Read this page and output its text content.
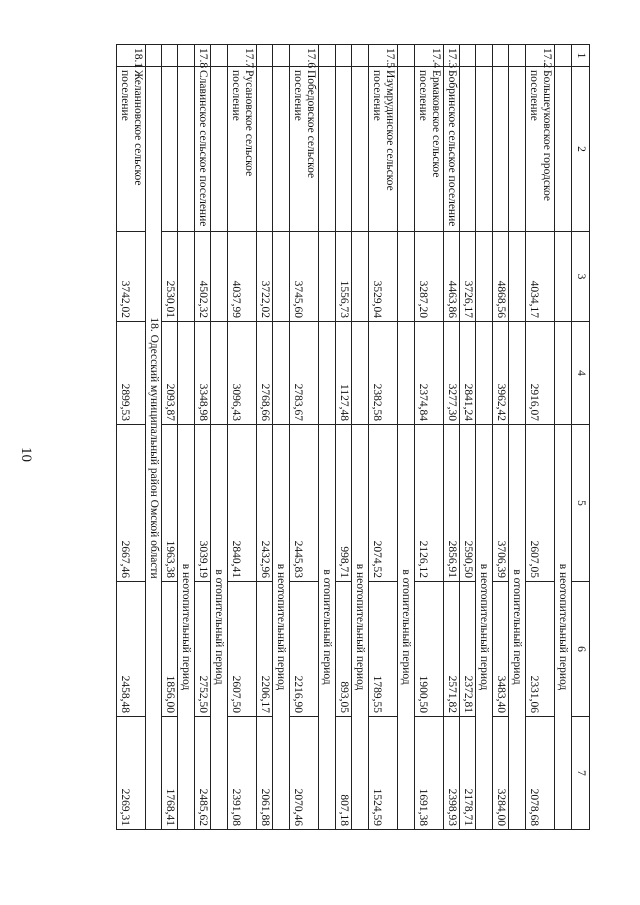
10
1	2	3	4	5	6	7
				в неотопительный период		
17.2	Большеуковское городское поселение	4034,17	2916,07	2607,05	2331,06	2078,68
				в отопительный период		
		4868,56	3962,42	3706,39	3483,40	3284,00
				в неотопительный период		
		3726,17	2841,24	2590,50	2372,81	2178,71
17.3	Бобринское сельское поселение	4463,86	3277,30	2856,91	2571,82	2398,93
17.4	Ермаковское сельское поселение	3287,20	2374,84	2126,12	1900,50	1691,38
				в отопительный период		
17.5	Изумрудинское сельское поселение	3529,04	2382,58	2074,52	1789,55	1524,59
				в неотопительный период		
		1556,73	1127,48	998,71	893,05	807,18
				в отопительный период		
17.6	Победовское сельское поселение	3745,60	2783,67	2445,83	2216,90	2070,46
				в неотопительный период		
		3722,02	2768,66	2432,96	2206,17	2061,88
17.7	Русановское сельское поселение	4037,99	3096,43	2840,41	2607,50	2391,08
				в отопительный период		
17.8	Славинское сельское поселение	4502,32	3348,98	3039,19	2752,50	2485,62
				в неотопительный период		
		2530,01	2093,87	1963,38	1856,00	1768,41
	18. Одесский муниципальный район Омской области					
18.1	Желанновское сельское поселение	3742,02	2899,53	2667,46	2458,48	2269,31
